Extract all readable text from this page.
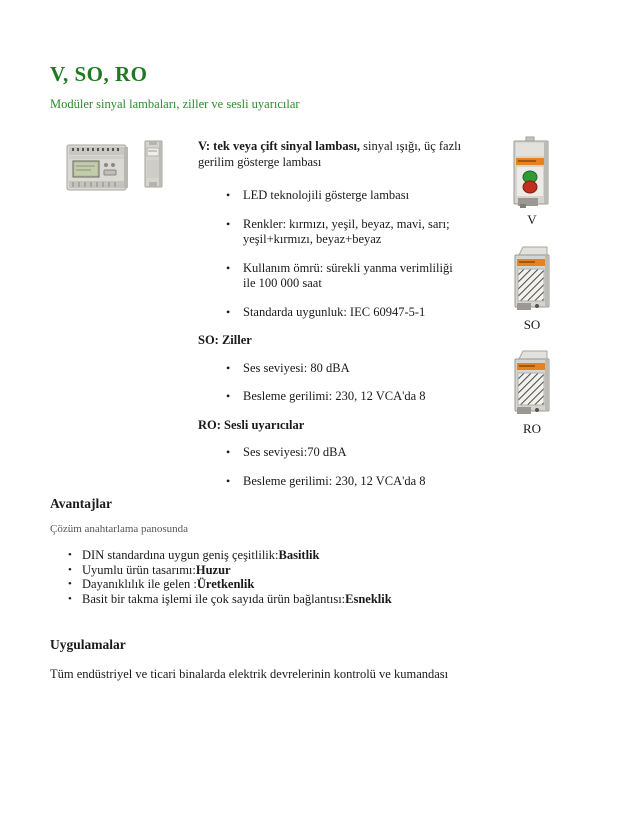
V, SO, RO
Modüler sinyal lambaları, ziller ve sesli uyarıcılar

V: tek veya çift sinyal lambası, sinyal ışığı, üç fazlı gerilim gösterge lambası

• LED teknolojili gösterge lambası
• Renkler: kırmızı, yeşil, beyaz, mavi, sarı; yeşil+kırmızı, beyaz+beyaz
• Kullanım ömrü: sürekli yanma verimliliği ile 100 000 saat
• Standarda uygunluk: IEC 60947-5-1
SO: Ziller
• Ses seviyesi: 80 dBA
• Besleme gerilimi: 230, 12 VCA'da 8
RO: Sesli uyarıcılar
• Ses seviyesi:70 dBA
• Besleme gerilimi: 230, 12 VCA'da 8
V
SO
RO
Avantajlar
Çözüm anahtarlama panosunda
• DIN standardına uygun geniş çeşitlilik:Basitlik
• Uyumlu ürün tasarımı:Huzur
• Dayanıklılık ile gelen :Üretkenlik
• Basit bir takma işlemi ile çok sayıda ürün bağlantısı:Esneklik
Uygulamalar

Tüm endüstriyel ve ticari binalarda elektrik devrelerinin kontrolü ve kumandası
